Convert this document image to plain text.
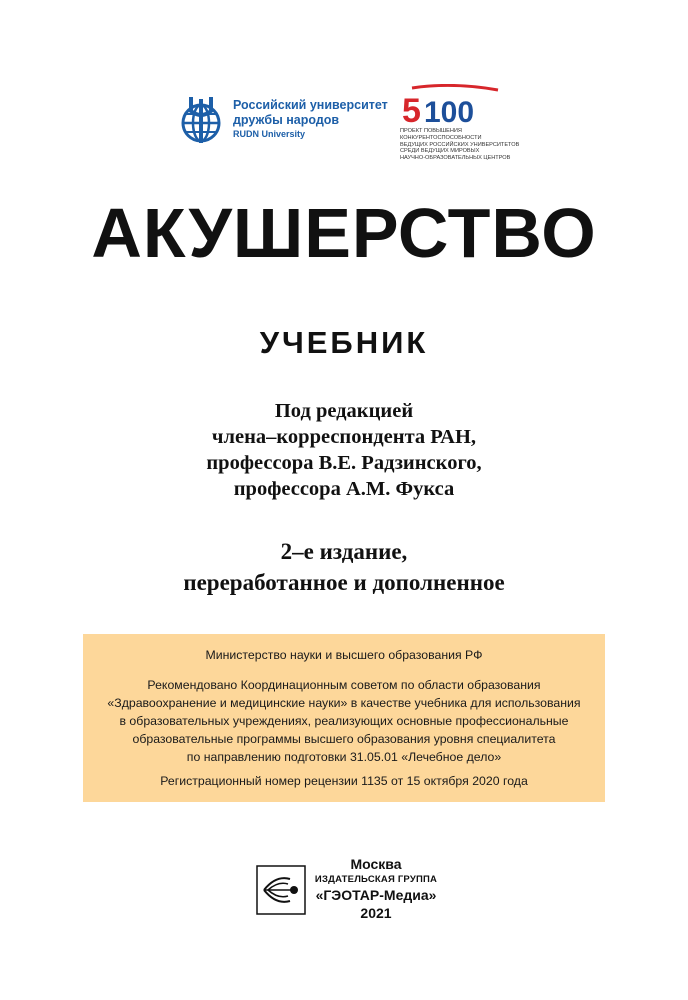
Российский университет
дружбы народов
RUDN University
5 100
ПРОЕКТ ПОВЫШЕНИЯ
КОНКУРЕНТОСПОСОБНОСТИ
ВЕДУЩИХ РОССИЙСКИХ УНИВЕРСИТЕТОВ
СРЕДИ ВЕДУЩИХ МИРОВЫХ
НАУЧНО-ОБРАЗОВАТЕЛЬНЫХ ЦЕНТРОВ
АКУШЕРСТВО
УЧЕБНИК
Под редакцией
члена–корреспондента РАН,
профессора В.Е. Радзинского,
профессора А.М. Фукса
2–е издание,
переработанное и дополненное
Министерство науки и высшего образования РФ
Рекомендовано Координационным советом по области образования
«Здравоохранение и медицинские науки» в качестве учебника для использования
в образовательных учреждениях, реализующих основные профессиональные
образовательные программы высшего образования уровня специалитета
по направлению подготовки 31.05.01 «Лечебное дело»
Регистрационный номер рецензии 1135 от 15 октября 2020 года
Москва
ИЗДАТЕЛЬСКАЯ ГРУППА
«ГЭОТАР-Медиа»
2021
